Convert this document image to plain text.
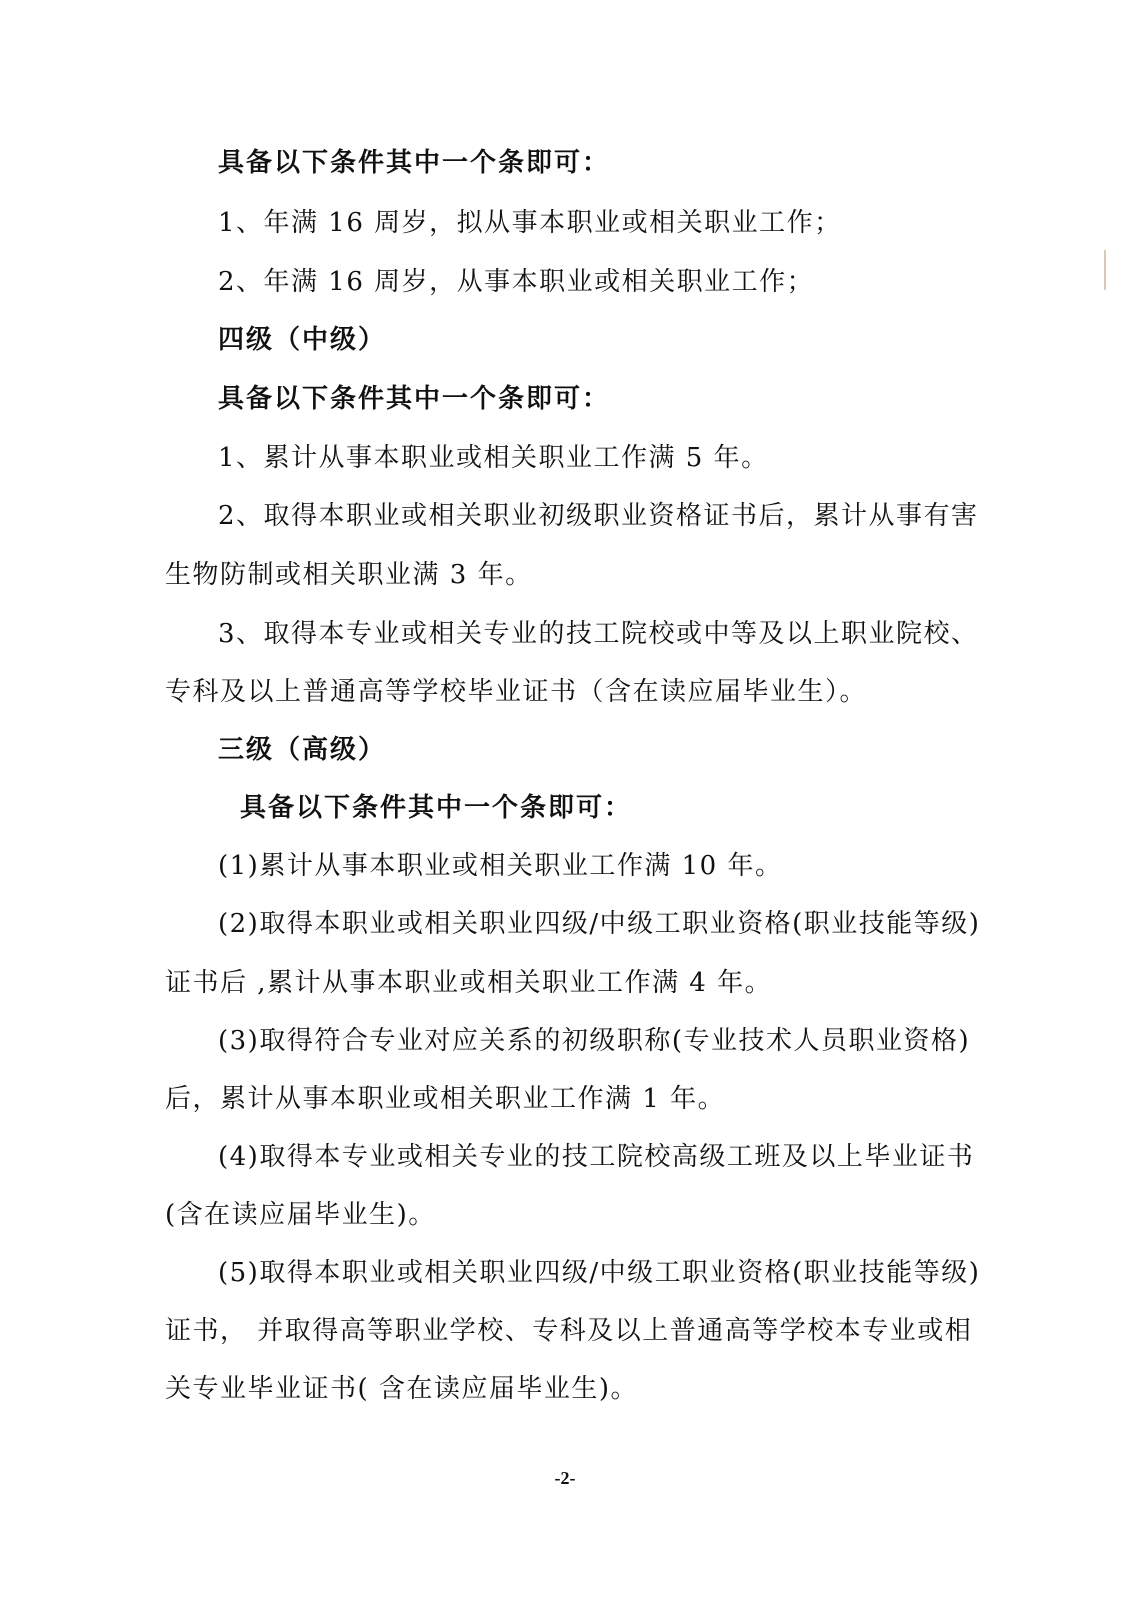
具备以下条件其中一个条即可：
1、年满 16 周岁，拟从事本职业或相关职业工作；
2、年满 16 周岁，从事本职业或相关职业工作；
四级（中级）
具备以下条件其中一个条即可：
1、累计从事本职业或相关职业工作满 5 年。
2、取得本职业或相关职业初级职业资格证书后，累计从事有害
生物防制或相关职业满 3 年。
3、取得本专业或相关专业的技工院校或中等及以上职业院校、
专科及以上普通高等学校毕业证书（含在读应届毕业生）。
三级（高级）
具备以下条件其中一个条即可：
(1)累计从事本职业或相关职业工作满 10 年。
(2)取得本职业或相关职业四级/中级工职业资格(职业技能等级)
证书后 ,累计从事本职业或相关职业工作满 4 年。
(3)取得符合专业对应关系的初级职称(专业技术人员职业资格)
后，累计从事本职业或相关职业工作满 1 年。
(4)取得本专业或相关专业的技工院校高级工班及以上毕业证书
(含在读应届毕业生)。
(5)取得本职业或相关职业四级/中级工职业资格(职业技能等级)
证书， 并取得高等职业学校、专科及以上普通高等学校本专业或相
关专业毕业证书( 含在读应届毕业生)。
-2-
